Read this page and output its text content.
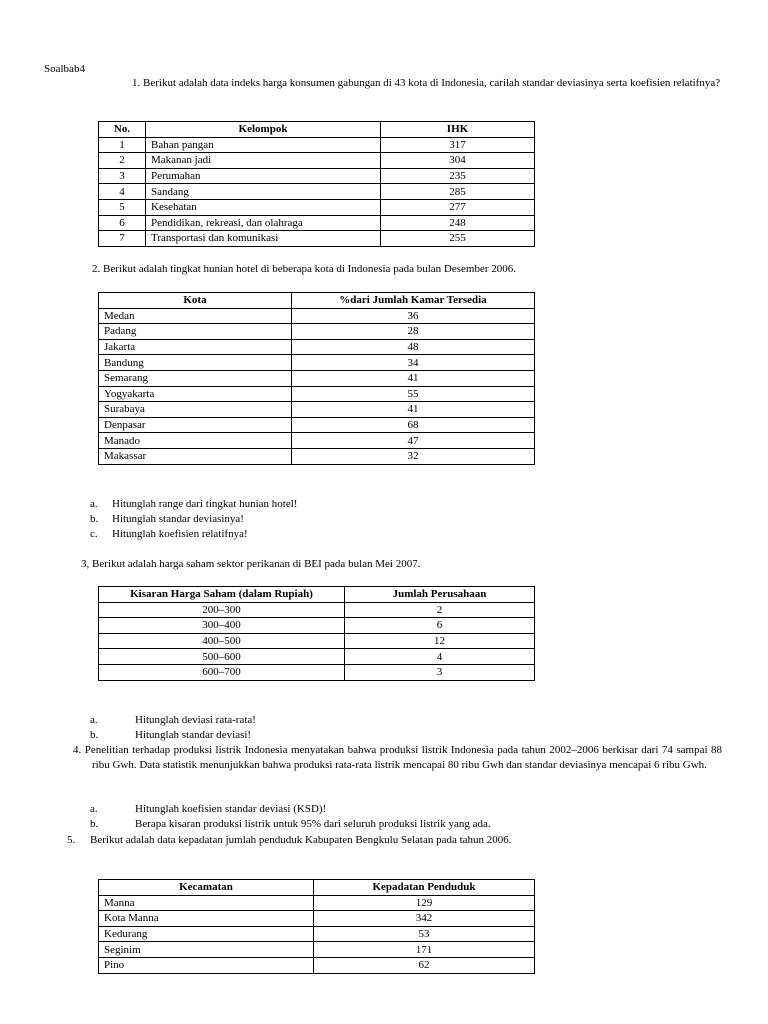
Soalbab4
1. Berikut adalah data indeks harga konsumen gabungan di 43 kota di Indonesia, carilah standar deviasinya serta koefisien relatifnya?
No.	Kelompok	IHK
1	Bahan pangan	317
2	Makanan jadi	304
3	Perumahan	235
4	Sandang	285
5	Kesehatan	277
6	Pendidikan, rekreasi, dan olahraga	248
7	Transportasi dan komunikasi	255
2. Berikut adalah tingkat hunian hotel di beberapa kota di Indonesia pada bulan Desember 2006.
Kota	%dari Jumlah Kamar Tersedia
Medan	36
Padang	28
Jakarta	48
Bandung	34
Semarang	41
Yogyakarta	55
Surabaya	41
Denpasar	68
Manado	47
Makassar	32
a. Hitunglah range dari tingkat hunian hotel!
b. Hitunglah standar deviasinya!
c. Hitunglah koefisien relatifnya!
3, Berikut adalah harga saham sektor perikanan di BEI pada bulan Mei 2007.
Kisaran Harga Saham (dalam Rupiah)	Jumlah Perusahaan
200–300	2
300–400	6
400–500	12
500–600	4
600–700	3
a.	Hitunglah deviasi rata-rata!
b.	Hitunglah standar deviasi!
4. Penelitian terhadap produksi listrik Indonesia menyatakan bahwa produksi listrik Indonesia pada tahun 2002–2006 berkisar dari 74 sampai 88 ribu Gwh. Data statistik menunjukkan bahwa produksi rata-rata listrik mencapai 80 ribu Gwh dan standar deviasinya mencapai 6 ribu Gwh.
a.	Hitunglah koefisien standar deviasi (KSD)!
b.	Berapa kisaran produksi listrik untuk 95% dari seluruh produksi listrik yang ada.
5. Berikut adalah data kepadatan jumlah penduduk Kabupaten Bengkulu Selatan pada tahun 2006.
Kecamatan	Kepadatan Penduduk
Manna	129
Kota Manna	342
Kedurang	53
Seginim	171
Pino	62
